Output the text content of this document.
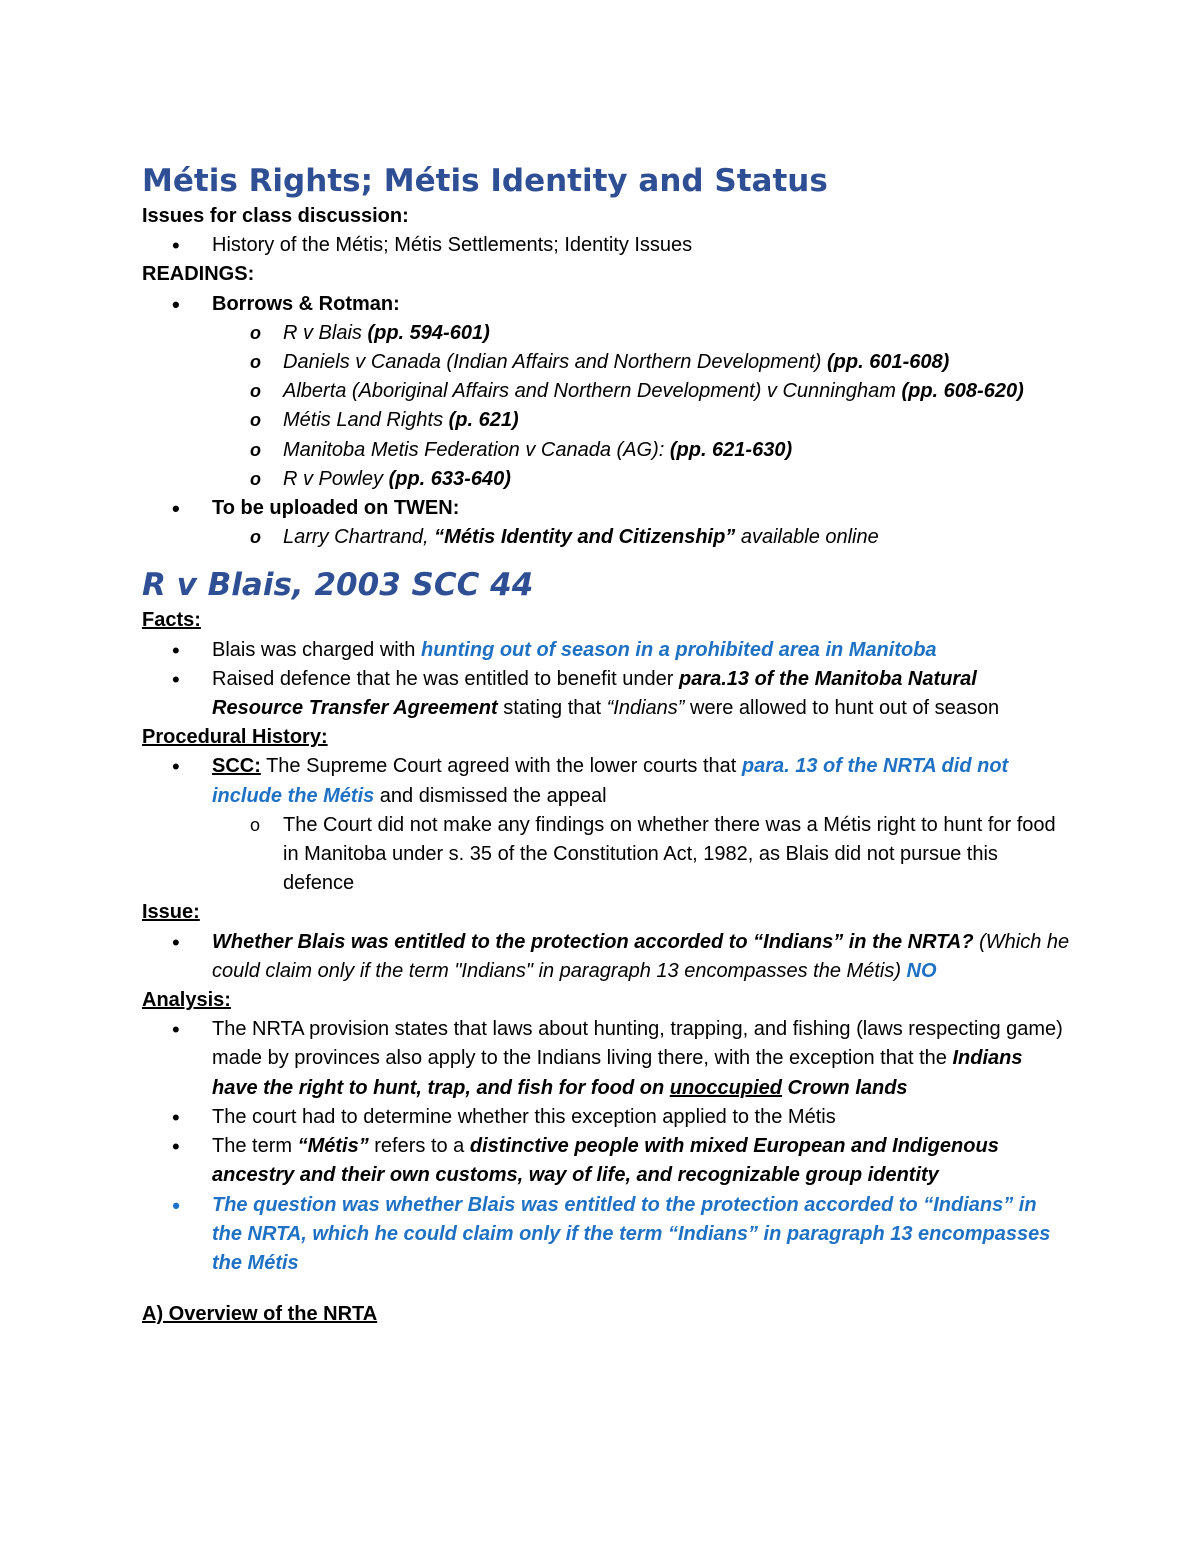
Métis Rights; Métis Identity and Status
Issues for class discussion:
• History of the Métis; Métis Settlements; Identity Issues
READINGS:
• Borrows & Rotman:
o R v Blais (pp. 594-601)
o Daniels v Canada (Indian Affairs and Northern Development) (pp. 601-608)
o Alberta (Aboriginal Affairs and Northern Development) v Cunningham (pp. 608-620)
o Métis Land Rights (p. 621)
o Manitoba Metis Federation v Canada (AG): (pp. 621-630)
o R v Powley (pp. 633-640)
• To be uploaded on TWEN:
o Larry Chartrand, “Métis Identity and Citizenship” available online
R v Blais, 2003 SCC 44
Facts:
• Blais was charged with hunting out of season in a prohibited area in Manitoba
• Raised defence that he was entitled to benefit under para.13 of the Manitoba Natural Resource Transfer Agreement stating that “Indians” were allowed to hunt out of season
Procedural History:
• SCC: The Supreme Court agreed with the lower courts that para. 13 of the NRTA did not include the Métis and dismissed the appeal
o The Court did not make any findings on whether there was a Métis right to hunt for food in Manitoba under s. 35 of the Constitution Act, 1982, as Blais did not pursue this defence
Issue:
• Whether Blais was entitled to the protection accorded to “Indians” in the NRTA? (Which he could claim only if the term "Indians" in paragraph 13 encompasses the Métis) NO
Analysis:
• The NRTA provision states that laws about hunting, trapping, and fishing (laws respecting game) made by provinces also apply to the Indians living there, with the exception that the Indians have the right to hunt, trap, and fish for food on unoccupied Crown lands
• The court had to determine whether this exception applied to the Métis
• The term “Métis” refers to a distinctive people with mixed European and Indigenous ancestry and their own customs, way of life, and recognizable group identity
• The question was whether Blais was entitled to the protection accorded to “Indians” in the NRTA, which he could claim only if the term “Indians” in paragraph 13 encompasses the Métis
A) Overview of the NRTA
